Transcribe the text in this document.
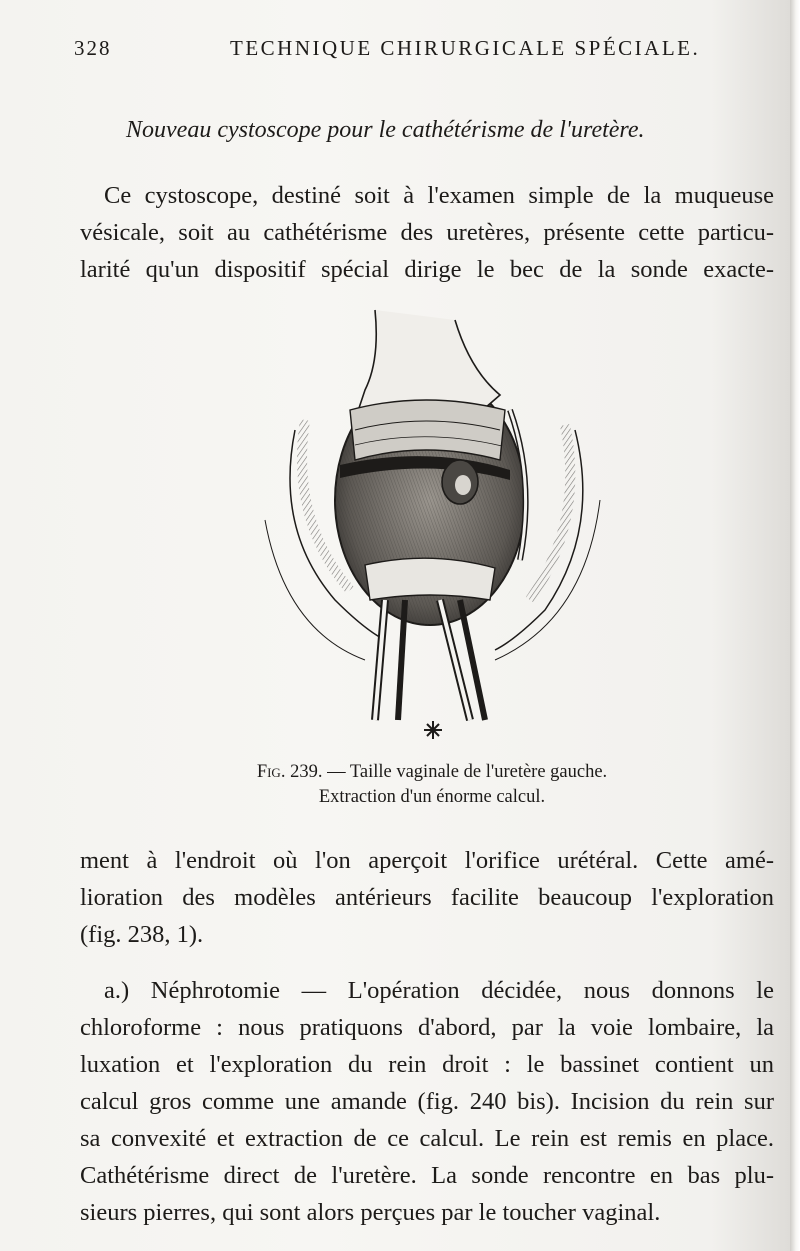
328	TECHNIQUE CHIRURGICALE SPÉCIALE.
Nouveau cystoscope pour le cathétérisme de l'uretère.
Ce cystoscope, destiné soit à l'examen simple de la muqueuse
vésicale, soit au cathétérisme des uretères, présente cette particu-
larité qu'un dispositif spécial dirige le bec de la sonde exacte-
Fig. 239. — Taille vaginale de l'uretère gauche.
Extraction d'un énorme calcul.
ment à l'endroit où l'on aperçoit l'orifice urétéral. Cette amé-
lioration des modèles antérieurs facilite beaucoup l'exploration
(fig. 238, 1).
a.) Néphrotomie — L'opération décidée, nous donnons le
chloroforme : nous pratiquons d'abord, par la voie lombaire, la
luxation et l'exploration du rein droit : le bassinet contient un
calcul gros comme une amande (fig. 240 bis). Incision du rein sur
sa convexité et extraction de ce calcul. Le rein est remis en place.
Cathétérisme direct de l'uretère. La sonde rencontre en bas plu-
sieurs pierres, qui sont alors perçues par le toucher vaginal.
